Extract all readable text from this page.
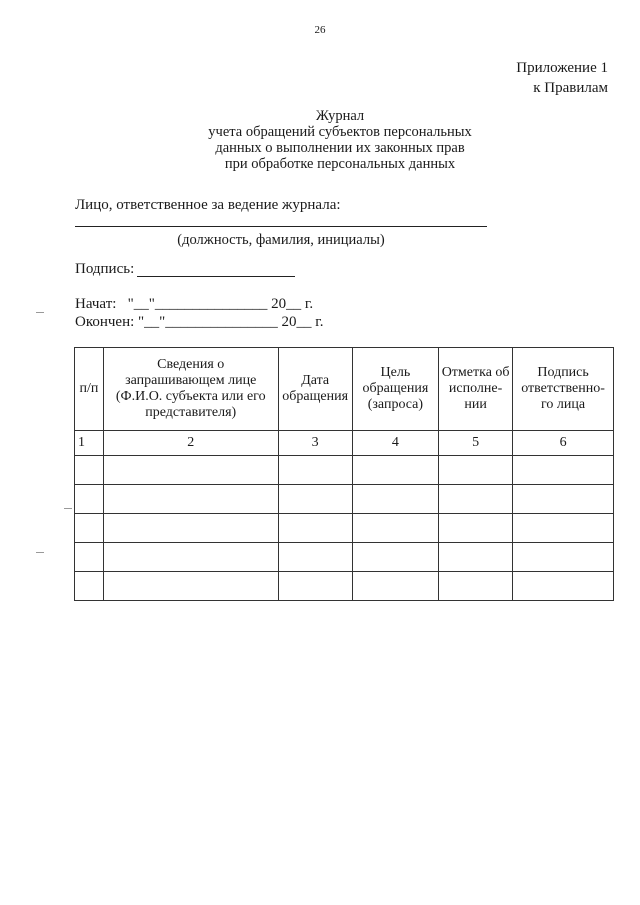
26
Приложение 1
к Правилам
Журнал
учета обращений субъектов персональных
данных о выполнении их законных прав
при обработке персональных данных
Лицо, ответственное за ведение журнала:
(должность, фамилия, инициалы)
Подпись:
Начат:   "__"_______________ 20__ г.
Окончен: "__"_______________ 20__ г.
п/п	Сведения о запрашивающем лице (Ф.И.О. субъекта или его представителя)	Дата обращения	Цель обращения (запроса)	Отметка об исполне-нии	Подпись ответственно-го лица
1	2	3	4	5	6
